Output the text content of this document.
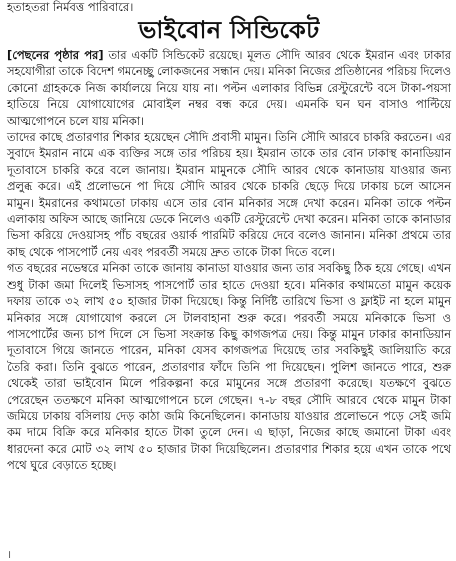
হতাহতরা নির্মবত্ত পারিবারে।
ভাইবোন সিন্ডিকেট

[পেছনের পৃষ্ঠার পর] তার একটি সিন্ডিকেট রয়েছে। মূলত সৌদি আরব থেকে ইমরান এবং ঢাকার সহযোগীরা তাকে বিদেশ গমনেচ্ছু লোকজনের সন্ধান দেয়। মনিকা নিজের প্রতিষ্ঠানের পরিচয় দিলেও কোনো গ্রাহককে নিজ কার্যালয়ে নিয়ে যায় না। পল্টন এলাকার বিভিন্ন রেস্টুরেন্টে বসে টাকা-পয়সা হাতিয়ে নিয়ে যোগাযোগের মোবাইল নম্বর বন্ধ করে দেয়। এমনকি ঘন ঘন বাসাও পাল্টিয়ে আত্মগোপনে চলে যায় মনিকা।

তাদের কাছে প্রতারণার শিকার হয়েছেন সৌদি প্রবাসী মামুন। তিনি সৌদি আরবে চাকরি করতেন। এর সুবাদে ইমরান নামে এক ব্যক্তির সঙ্গে তার পরিচয় হয়। ইমরান তাকে তার বোন ঢাকাস্থ কানাডিয়ান দূতাবাসে চাকরি করে বলে জানায়। ইমরান মামুনকে সৌদি আরব থেকে কানাডায় যাওয়ার জন্য প্রলুব্ধ করে। এই প্রলোভনে পা দিয়ে সৌদি আরব থেকে চাকরি ছেড়ে দিয়ে ঢাকায় চলে আসেন মামুন। ইমরানের কথামতো ঢাকায় এসে তার বোন মনিকার সঙ্গে দেখা করেন। মনিকা তাকে পল্টন এলাকায় অফিস আছে জানিয়ে ডেকে নিলেও একটি রেস্টুরেন্টে দেখা করেন। মনিকা তাকে কানাডার ভিসা করিয়ে দেওয়াসহ পাঁচ বছরের ওয়ার্ক পারমিট করিয়ে দেবে বলেও জানান। মনিকা প্রথমে তার কাছ থেকে পাসপোর্ট নেয় এবং পরবর্তী সময়ে দ্রুত তাকে টাকা দিতে বলে।

গত বছরের নভেম্বরে মনিকা তাকে জানায় কানাডা যাওয়ার জন্য তার সবকিছু ঠিক হয়ে গেছে। এখন শুধু টাকা জমা দিলেই ভিসাসহ পাসপোর্ট তার হাতে দেওয়া হবে। মনিকার কথামতো মামুন কয়েক দফায় তাকে ৩২ লাখ ৫০ হাজার টাকা দিয়েছে। কিন্তু নির্দিষ্ট তারিখে ভিসা ও ফ্লাইট না হলে মামুন মনিকার সঙ্গে যোগাযোগ করলে সে টালবাহানা শুরু করে। পরবর্তী সময়ে মনিকাকে ভিসা ও পাসপোর্টের জন্য চাপ দিলে সে ভিসা সংক্রান্ত কিছু কাগজপত্র দেয়। কিন্তু মামুন ঢাকার কানাডিয়ান দূতাবাসে গিয়ে জানতে পারেন, মনিকা যেসব কাগজপত্র দিয়েছে তার সবকিছুই জালিয়াতি করে তৈরি করা। তিনি বুঝতে পারেন, প্রতারণার ফাঁদে তিনি পা দিয়েছেন। পুলিশ জানতে পারে, শুরু থেকেই তারা ভাইবোন মিলে পরিকল্পনা করে মামুনের সঙ্গে প্রতারণা করেছে। যতক্ষণে বুঝতে পেরেছেন ততক্ষণে মনিকা আত্মগোপনে চলে গেছেন। ৭-৮ বছর সৌদি আরবে থেকে মামুন টাকা জমিয়ে ঢাকায় বসিলায় দেড় কাঠা জমি কিনেছিলেন। কানাডায় যাওয়ার প্রলোভনে পড়ে সেই জমি কম দামে বিক্রি করে মনিকার হাতে টাকা তুলে দেন। এ ছাড়া, নিজের কাছে জমানো টাকা এবং ধারদেনা করে মোট ৩২ লাখ ৫০ হাজার টাকা দিয়েছিলেন। প্রতারণার শিকার হয়ে এখন তাকে পথে পথে ঘুরে বেড়াতে হচ্ছে।

।
